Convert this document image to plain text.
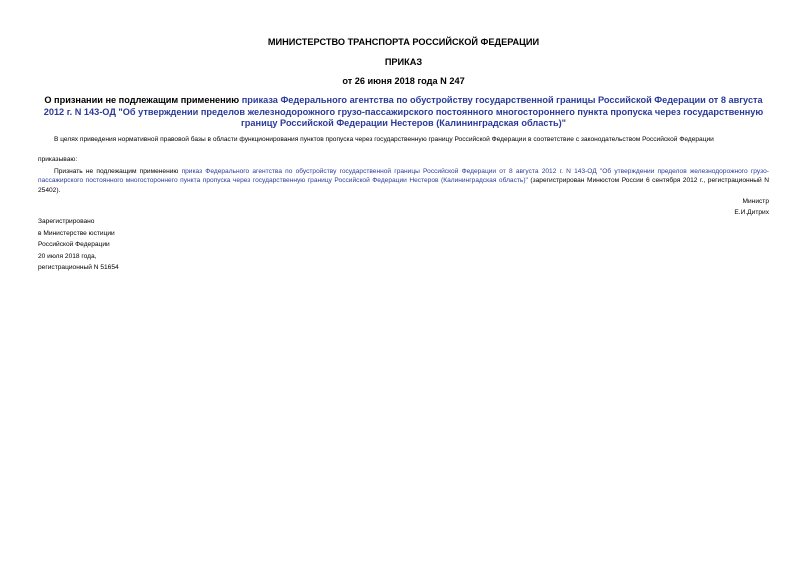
МИНИСТЕРСТВО ТРАНСПОРТА РОССИЙСКОЙ ФЕДЕРАЦИИ
ПРИКАЗ
от 26 июня 2018 года N 247
О признании не подлежащим применению приказа Федерального агентства по обустройству государственной границы Российской Федерации от 8 августа 2012 г. N 143-ОД "Об утверждении пределов железнодорожного грузо-пассажирского постоянного многостороннего пункта пропуска через государственную границу Российской Федерации Нестеров (Калининградская область)"
В целях приведения нормативной правовой базы в области функционирования пунктов пропуска через государственную границу Российской Федерации в соответствие с законодательством Российской Федерации
приказываю:
Признать не подлежащим применению приказ Федерального агентства по обустройству государственной границы Российской Федерации от 8 августа 2012 г. N 143-ОД "Об утверждении пределов железнодорожного грузо-пассажирского постоянного многостороннего пункта пропуска через государственную границу Российской Федерации Нестеров (Калининградская область)" (зарегистрирован Минюстом России 6 сентября 2012 г., регистрационный N 25402).
Министр
Е.И.Дитрих
Зарегистрировано
в Министерстве юстиции
Российской Федерации
20 июля 2018 года,
регистрационный N 51654
